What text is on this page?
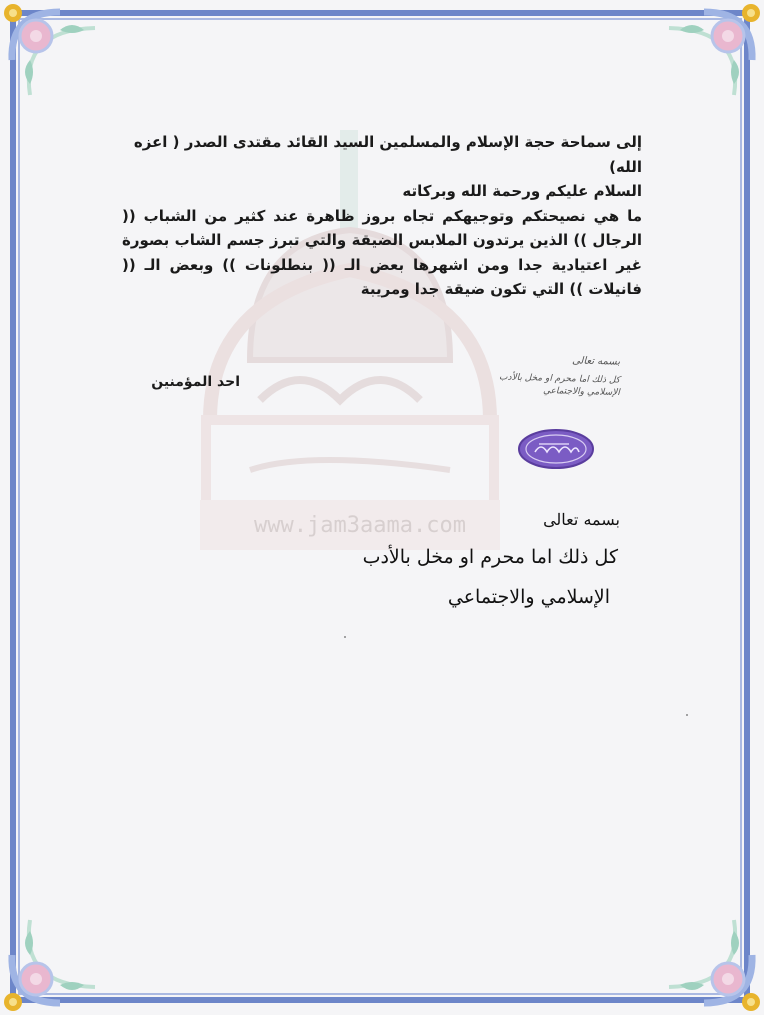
www.jam3aama.com

إلى سماحة حجة الإسلام والمسلمين السيد القائد مقتدى الصدر ( اعزه الله)

السلام عليكم ورحمة الله وبركاته

ما هي نصيحتكم وتوجيهكم تجاه بروز ظاهرة عند كثير من الشباب (( الرجال )) الذين يرتدون الملابس الضيقة والتي تبرز جسم الشاب بصورة غير اعتيادية جدا ومن اشهرها بعض الـ (( بنطلونات )) وبعض الـ (( فانيلات )) التي تكون ضيقة جدا ومريبة

احد المؤمنين
بسمه تعالى
كل ذلك اما محرم او مخل بالأدب
الإسلامي والاجتماعي
بسمه تعالى
كل ذلك اما محرم او مخل بالأدب
الإسلامي والاجتماعي
